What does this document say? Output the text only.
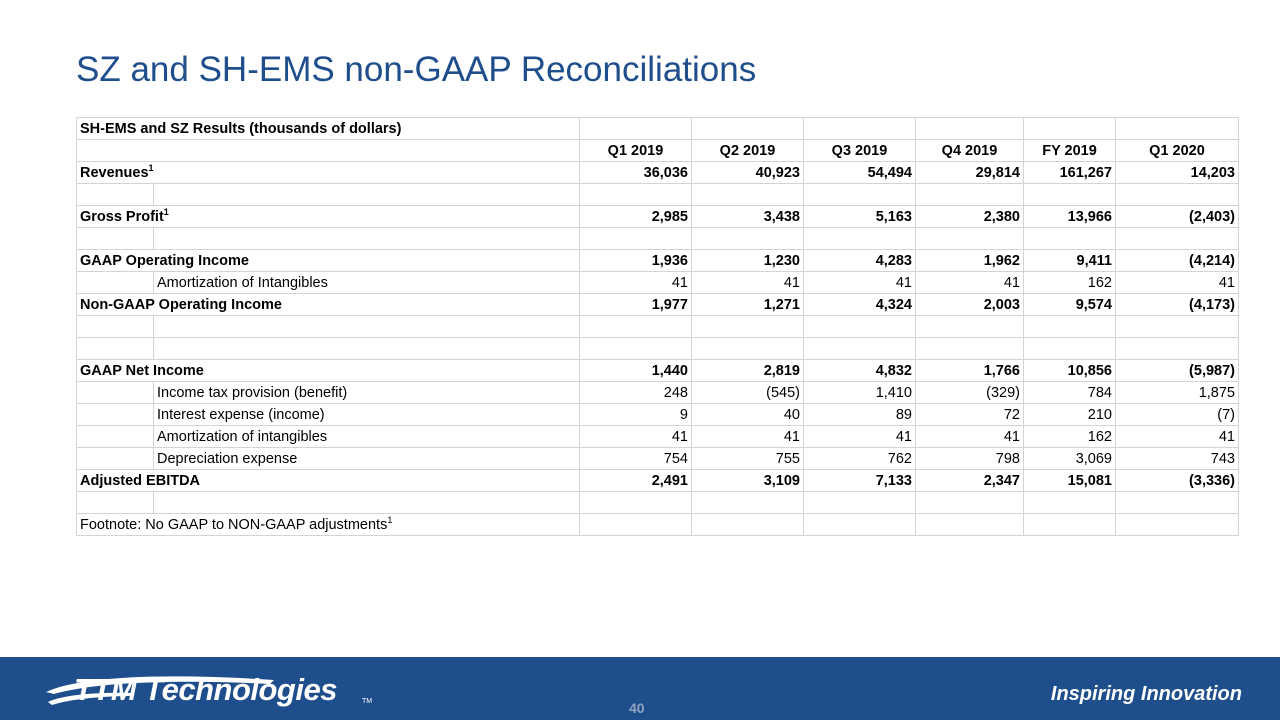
SZ and SH-EMS non-GAAP Reconciliations
SH-EMS and SZ Results (thousands of dollars)							
		Q1 2019	Q2 2019	Q3 2019	Q4 2019	FY 2019	Q1 2020
Revenues$^1$		36,036	40,923	54,494	29,814	161,267	14,203

Gross Profit$^1$		2,985	3,438	5,163	2,380	13,966	(2,403)

GAAP Operating Income		1,936	1,230	4,283	1,962	9,411	(4,214)
	Amortization of Intangibles	41	41	41	41	162	41
Non-GAAP Operating Income		1,977	1,271	4,324	2,003	9,574	(4,173)

GAAP Net Income		1,440	2,819	4,832	1,766	10,856	(5,987)
	Income tax provision (benefit)	248	(545)	1,410	(329)	784	1,875
	Interest expense (income)	9	40	89	72	210	(7)
	Amortization of intangibles	41	41	41	41	162	41
	Depreciation expense	754	755	762	798	3,069	743
Adjusted EBITDA		2,491	3,109	7,133	2,347	15,081	(3,336)

Footnote: No GAAP to NON-GAAP adjustments$^1$						
TTM Technologies	TM	Inspiring Innovation
40
